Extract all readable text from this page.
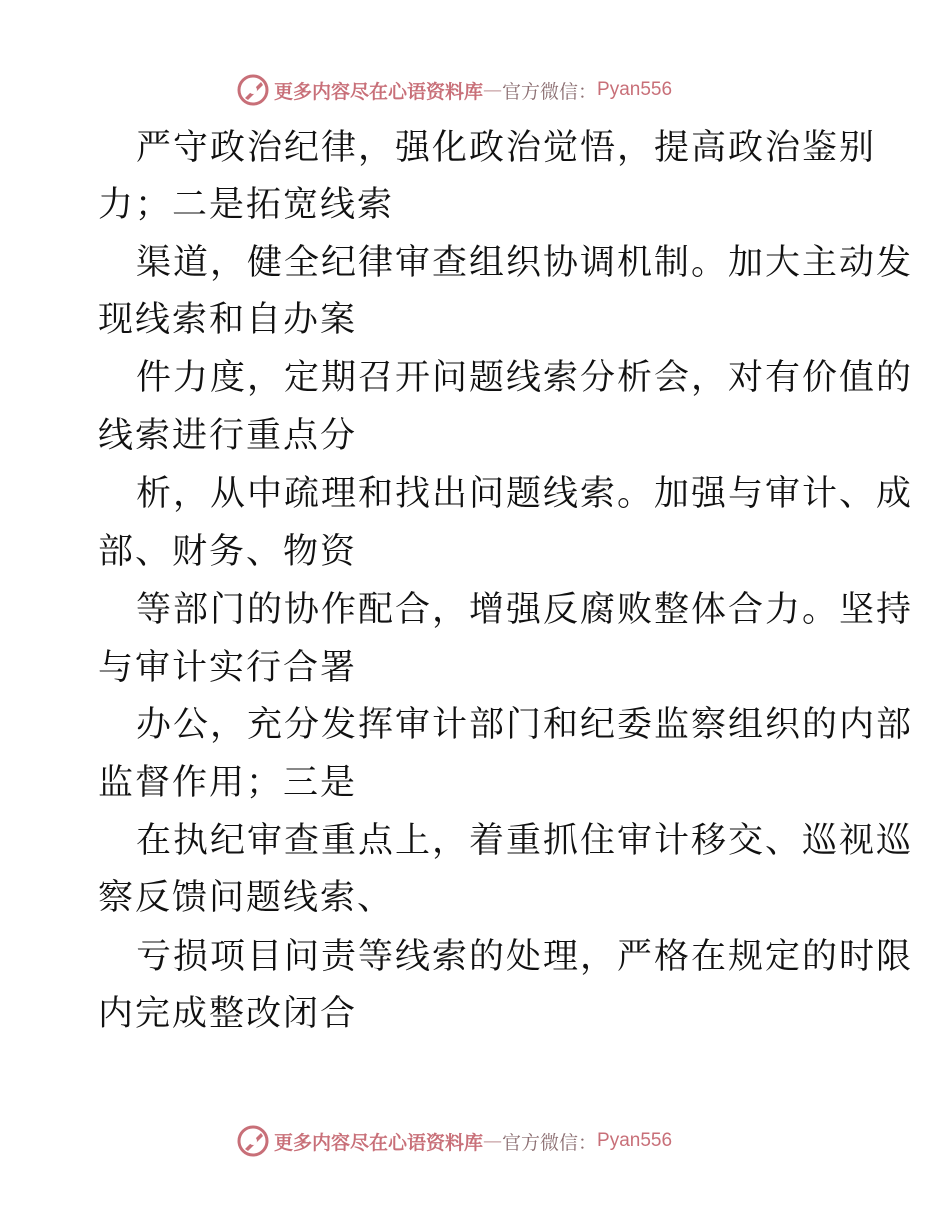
更多内容尽在心语资料库 — 官方微信： Pyan556
严守政治纪律，强化政治觉悟，提高政治鉴别
力；二是拓宽线索
渠道，健全纪律审查组织协调机制。加大主动发
现线索和自办案
件力度，定期召开问题线索分析会，对有价值的
线索进行重点分
析，从中疏理和找出问题线索。加强与审计、成
部、财务、物资
等部门的协作配合，增强反腐败整体合力。坚持
与审计实行合署
办公，充分发挥审计部门和纪委监察组织的内部
监督作用；三是
在执纪审查重点上，着重抓住审计移交、巡视巡
察反馈问题线索、
亏损项目问责等线索的处理，严格在规定的时限
内完成整改闭合
更多内容尽在心语资料库 — 官方微信： Pyan556
